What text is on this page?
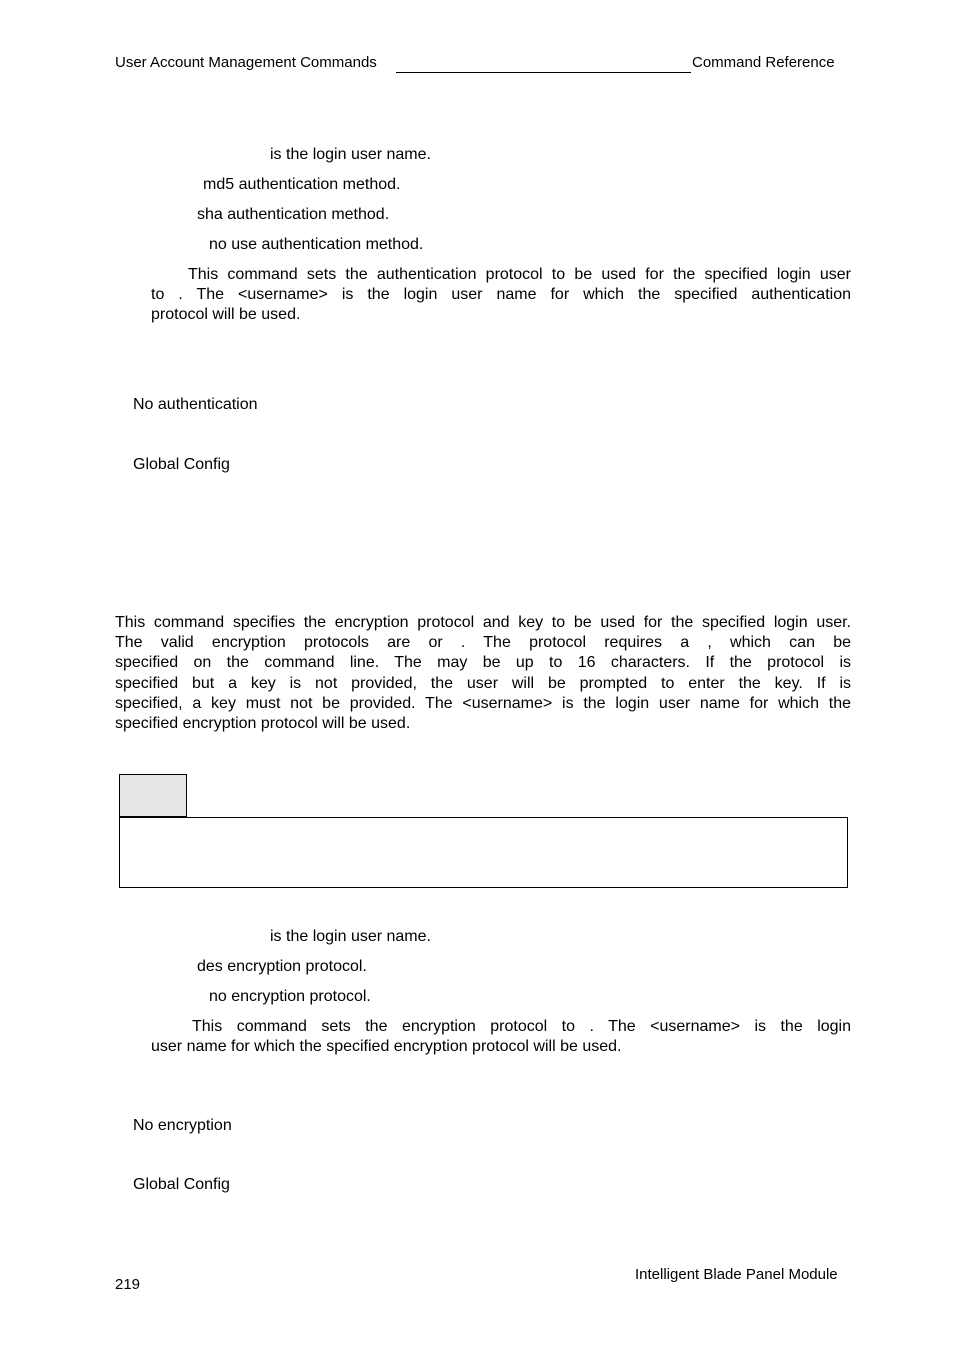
User Account Management Commands	Command Reference
is the login user name.
md5 authentication method.
sha authentication method.
no use authentication method.
This command sets the authentication protocol to be used for the specified login user
to . The <username> is the login user name for which the specified authentication
protocol will be used.
No authentication
Global Config
This command specifies the encryption protocol and key to be used for the specified login user.
The valid encryption protocols are or . The protocol requires a , which can be
specified on the command line. The may be up to 16 characters. If the protocol is
specified but a key is not provided, the user will be prompted to enter the key. If is
specified, a key must not be provided. The <username> is the login user name for which the
specified encryption protocol will be used.
is the login user name.
des encryption protocol.
no encryption protocol.
This command sets the encryption protocol to . The <username> is the login
user name for which the specified encryption protocol will be used.
No encryption
Global Config
219
Intelligent Blade Panel Module
